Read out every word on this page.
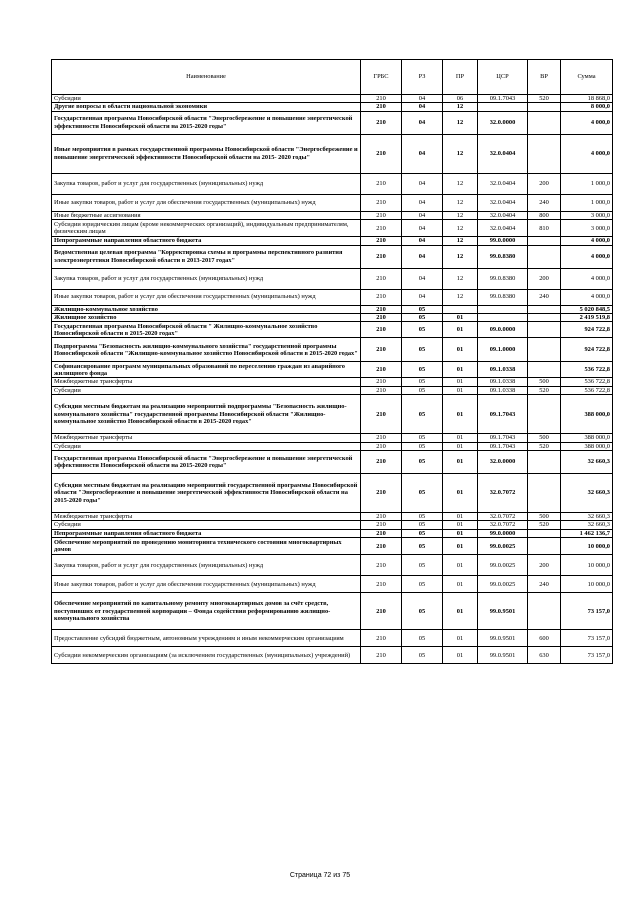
Наименование	ГРБС	РЗ	ПР	ЦСР	ВР	Сумма
Субсидии	210	04	06	09.1.7043	520	18 868,0
Другие вопросы в области национальной экономики	210	04	12			8 000,0
Государственная программа Новосибирской области "Энергосбережение и повышение энергетической эффективности Новосибирской области на 2015-2020 годы"	210	04	12	32.0.0000		4 000,0
Иные мероприятия в рамках государственной программы Новосибирской области "Энергосбережение и повышение энергетической эффективности Новосибирской области на 2015- 2020 годы"	210	04	12	32.0.0404		4 000,0
Закупка товаров, работ и услуг для государственных (муниципальных) нужд	210	04	12	32.0.0404	200	1 000,0
Иные закупки товаров, работ и услуг для обеспечения государственных (муниципальных) нужд	210	04	12	32.0.0404	240	1 000,0
Иные бюджетные ассигнования	210	04	12	32.0.0404	800	3 000,0
Субсидии юридическим лицам (кроме некоммерческих организаций), индивидуальным предпринимателям, физическим лицам	210	04	12	32.0.0404	810	3 000,0
Непрограммные направления областного бюджета	210	04	12	99.0.0000		4 000,0
Ведомственная целевая программа "Корректировка схемы и программы перспективного развития электроэнергетики Новосибирской области в 2013-2017 годах"	210	04	12	99.0.8380		4 000,0
Закупка товаров, работ и услуг для государственных (муниципальных) нужд	210	04	12	99.0.8380	200	4 000,0
Иные закупки товаров, работ и услуг для обеспечения государственных (муниципальных) нужд	210	04	12	99.0.8380	240	4 000,0
Жилищно-коммунальное хозяйство	210	05				5 020 848,5
Жилищное хозяйство	210	05	01			2 419 519,8
Государственная программа Новосибирской области " Жилищно-коммунальное хозяйство Новосибирской области в 2015-2020 годах"	210	05	01	09.0.0000		924 722,8
Подпрограмма "Безопасность жилищно-коммунального хозяйства" государственной программы Новосибирской области "Жилищно-коммунальное хозяйство Новосибирской области в 2015-2020 годах"	210	05	01	09.1.0000		924 722,8
Софинансирование программ муниципальных образований по переселению граждан из аварийного жилищного фонда	210	05	01	09.1.0338		536 722,8
Межбюджетные трансферты	210	05	01	09.1.0338	500	536 722,8
Субсидии	210	05	01	09.1.0338	520	536 722,8
Субсидии местным бюджетам на реализацию мероприятий подпрограммы "Безопасность жилищно-коммунального хозяйства" государственной программы Новосибирской области "Жилищно-коммунальное хозяйство Новосибирской области в 2015-2020 годах"	210	05	01	09.1.7043		388 000,0
Межбюджетные трансферты	210	05	01	09.1.7043	500	388 000,0
Субсидии	210	05	01	09.1.7043	520	388 000,0
Государственная программа Новосибирской области "Энергосбережение и повышение энергетической эффективности Новосибирской области на 2015-2020 годы"	210	05	01	32.0.0000		32 660,3
Субсидии местным бюджетам на реализацию мероприятий государственной программы Новосибирской области "Энергосбережение и повышение энергетической эффективности Новосибирской области на 2015-2020 годы"	210	05	01	32.0.7072		32 660,3
Межбюджетные трансферты	210	05	01	32.0.7072	500	32 660,3
Субсидии	210	05	01	32.0.7072	520	32 660,3
Непрограммные направления областного бюджета	210	05	01	99.0.0000		1 462 136,7
Обеспечение мероприятий по проведению мониторинга технического состояния многоквартирных домов	210	05	01	99.0.0025		10 000,0
Закупка товаров, работ и услуг для государственных (муниципальных) нужд	210	05	01	99.0.0025	200	10 000,0
Иные закупки товаров, работ и услуг для обеспечения государственных (муниципальных) нужд	210	05	01	99.0.0025	240	10 000,0
Обеспечение мероприятий по капитальному ремонту многоквартирных домов за счёт средств, поступивших от государственной корпорации – Фонда содействия реформированию жилищно-коммунального хозяйства	210	05	01	99.0.9501		73 157,0
Предоставление субсидий бюджетным, автономным учреждениям и иным некоммерческим организациям	210	05	01	99.0.9501	600	73 157,0
Субсидии некоммерческим организациям (за исключением государственных (муниципальных) учреждений)	210	05	01	99.0.9501	630	73 157,0
Страница 72 из 75
